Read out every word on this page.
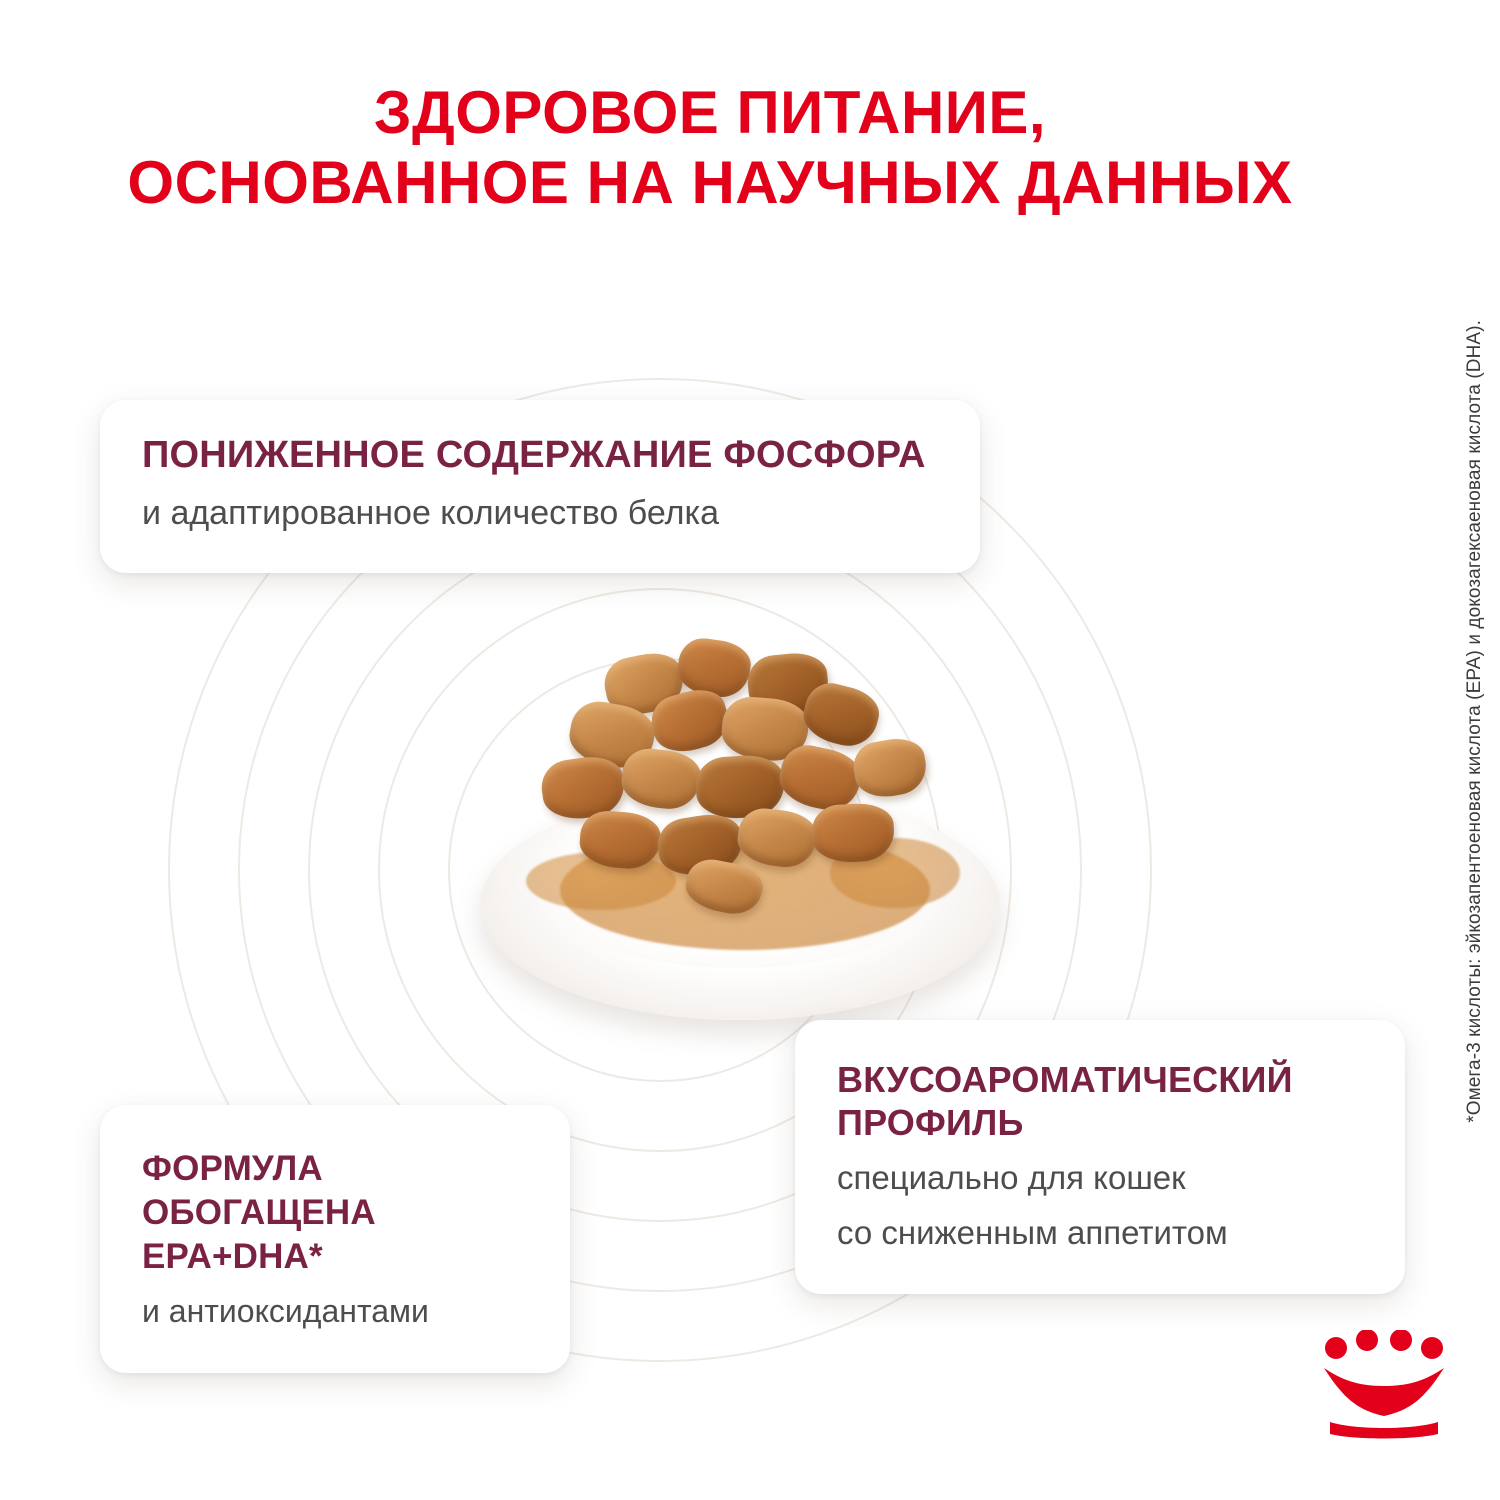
ЗДОРОВОЕ ПИТАНИЕ,
ОСНОВАННОЕ НА НАУЧНЫХ ДАННЫХ
ПОНИЖЕННОЕ СОДЕРЖАНИЕ ФОСФОРА
и адаптированное количество белка
ФОРМУЛА ОБОГАЩЕНА
EPA+DHA*
и антиоксидантами
ВКУСОАРОМАТИЧЕСКИЙ
ПРОФИЛЬ
специально для кошек
со сниженным аппетитом
*Омега-3 кислоты: эйкозапентоеновая кислота (EPA) и докозагексаеновая кислота (DHA).
